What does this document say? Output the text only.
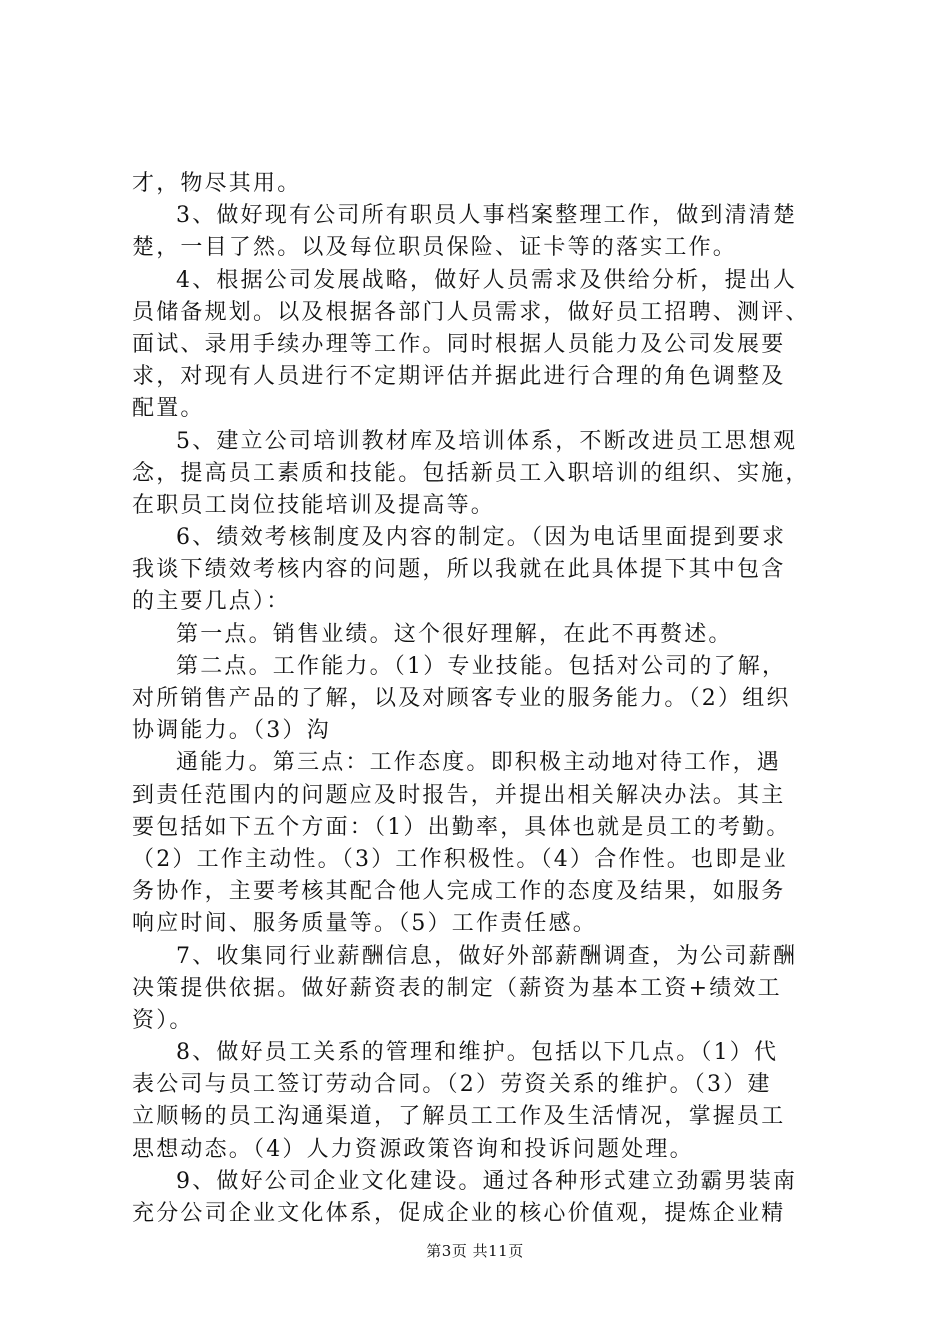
才，物尽其用。
3、做好现有公司所有职员人事档案整理工作，做到清清楚
楚，一目了然。以及每位职员保险、证卡等的落实工作。
4、根据公司发展战略，做好人员需求及供给分析，提出人
员储备规划。以及根据各部门人员需求，做好员工招聘、测评、
面试、录用手续办理等工作。同时根据人员能力及公司发展要
求，对现有人员进行不定期评估并据此进行合理的角色调整及
配置。
5、建立公司培训教材库及培训体系，不断改进员工思想观
念，提高员工素质和技能。包括新员工入职培训的组织、实施，
在职员工岗位技能培训及提高等。
6、绩效考核制度及内容的制定。（因为电话里面提到要求
我谈下绩效考核内容的问题，所以我就在此具体提下其中包含
的主要几点）：
第一点。销售业绩。这个很好理解，在此不再赘述。
第二点。工作能力。（1）专业技能。包括对公司的了解，
对所销售产品的了解，以及对顾客专业的服务能力。（2）组织
协调能力。（3）沟
通能力。第三点：工作态度。即积极主动地对待工作，遇
到责任范围内的问题应及时报告，并提出相关解决办法。其主
要包括如下五个方面：（1）出勤率，具体也就是员工的考勤。
（2）工作主动性。（3）工作积极性。（4）合作性。也即是业
务协作，主要考核其配合他人完成工作的态度及结果，如服务
响应时间、服务质量等。（5）工作责任感。
7、收集同行业薪酬信息，做好外部薪酬调查，为公司薪酬
决策提供依据。做好薪资表的制定（薪资为基本工资+绩效工
资）。
8、做好员工关系的管理和维护。包括以下几点。（1）代
表公司与员工签订劳动合同。（2）劳资关系的维护。（3）建
立顺畅的员工沟通渠道，了解员工工作及生活情况，掌握员工
思想动态。（4）人力资源政策咨询和投诉问题处理。
9、做好公司企业文化建设。通过各种形式建立劲霸男装南
充分公司企业文化体系，促成企业的核心价值观，提炼企业精
第3页 共11页
